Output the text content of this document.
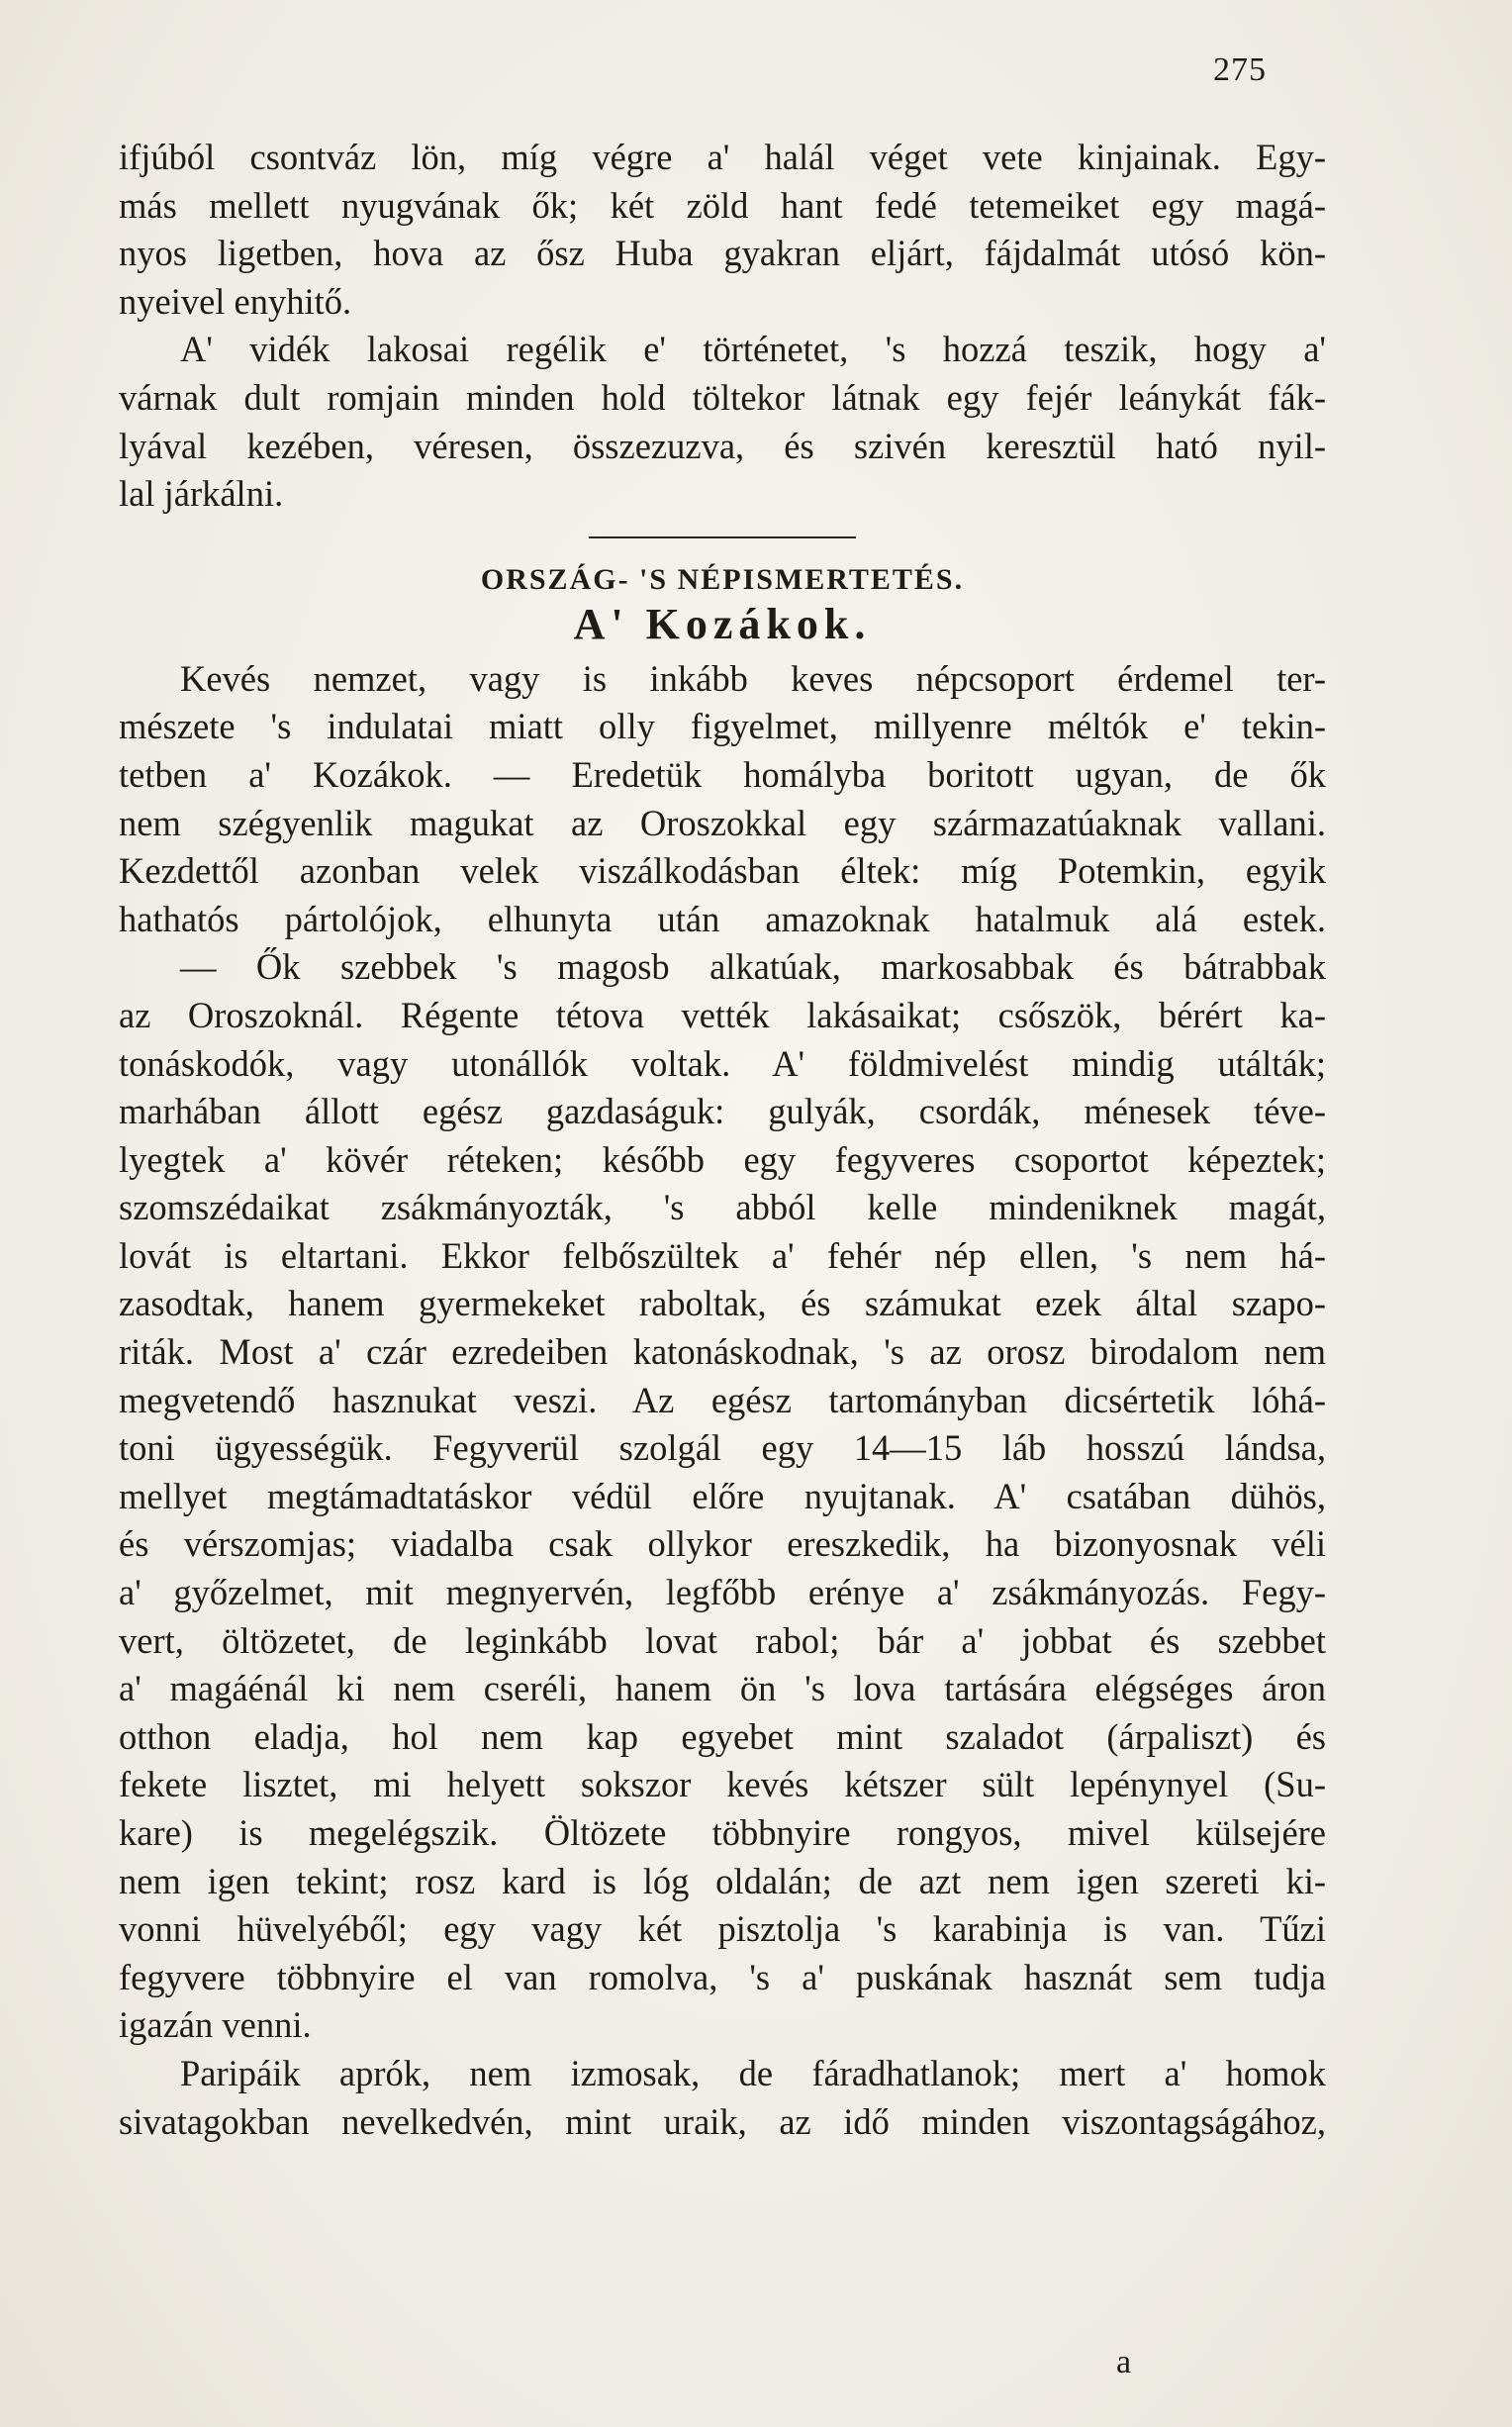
275

ifjúból csontváz lön, míg végre a' halál véget vete kinjainak. Egy-
más mellett nyugvának ők; két zöld hant fedé tetemeiket egy magá-
nyos ligetben, hova az ősz Huba gyakran eljárt, fájdalmát utósó kön-
nyeivel enyhitő.

A' vidék lakosai regélik e' történetet, 's hozzá teszik, hogy a'
várnak dult romjain minden hold töltekor látnak egy fejér leánykát fák-
lyával kezében, véresen, összezuzva, és szivén keresztül ható nyil-
lal járkálni.

ORSZÁG- 'S NÉPISMERTETÉS.

A' Kozákok.

Kevés nemzet, vagy is inkább keves népcsoport érdemel ter-
mészete 's indulatai miatt olly figyelmet, millyenre méltók e' tekin-
tetben a' Kozákok. — Eredetük homályba boritott ugyan, de ők
nem szégyenlik magukat az Oroszokkal egy származatúaknak vallani.
Kezdettől azonban velek viszálkodásban éltek: míg Potemkin, egyik
hathatós pártolójok, elhunyta után amazoknak hatalmuk alá estek.
— Ők szebbek 's magosb alkatúak, markosabbak és bátrabbak
az Oroszoknál. Régente tétova vették lakásaikat; csőszök, bérért ka-
tonáskodók, vagy utonállók voltak. A' földmivelést mindig utálták;
marhában állott egész gazdaságuk: gulyák, csordák, ménesek téve-
lyegtek a' kövér réteken; később egy fegyveres csoportot képeztek;
szomszédaikat zsákmányozták, 's abból kelle mindeniknek magát,
lovát is eltartani. Ekkor felbőszültek a' fehér nép ellen, 's nem há-
zasodtak, hanem gyermekeket raboltak, és számukat ezek által szapo-
riták. Most a' czár ezredeiben katonáskodnak, 's az orosz birodalom nem
megvetendő hasznukat veszi. Az egész tartományban dicsértetik lóhá-
toni ügyességük. Fegyverül szolgál egy 14—15 láb hosszú lándsa,
mellyet megtámadtatáskor védül előre nyujtanak. A' csatában dühös,
és vérszomjas; viadalba csak ollykor ereszkedik, ha bizonyosnak véli
a' győzelmet, mit megnyervén, legfőbb erénye a' zsákmányozás. Fegy-
vert, öltözetet, de leginkább lovat rabol; bár a' jobbat és szebbet
a' magáénál ki nem cseréli, hanem ön 's lova tartására elégséges áron
otthon eladja, hol nem kap egyebet mint szaladot (árpaliszt) és
fekete lisztet, mi helyett sokszor kevés kétszer sült lepénynyel (Su-
kare) is megelégszik. Öltözete többnyire rongyos, mivel külsejére
nem igen tekint; rosz kard is lóg oldalán; de azt nem igen szereti ki-
vonni hüvelyéből; egy vagy két pisztolja 's karabinja is van. Tűzi
fegyvere többnyire el van romolva, 's a' puskának hasznát sem tudja
igazán venni.

Paripáik aprók, nem izmosak, de fáradhatlanok; mert a' homok
sivatagokban nevelkedvén, mint uraik, az idő minden viszontagságához,

a
